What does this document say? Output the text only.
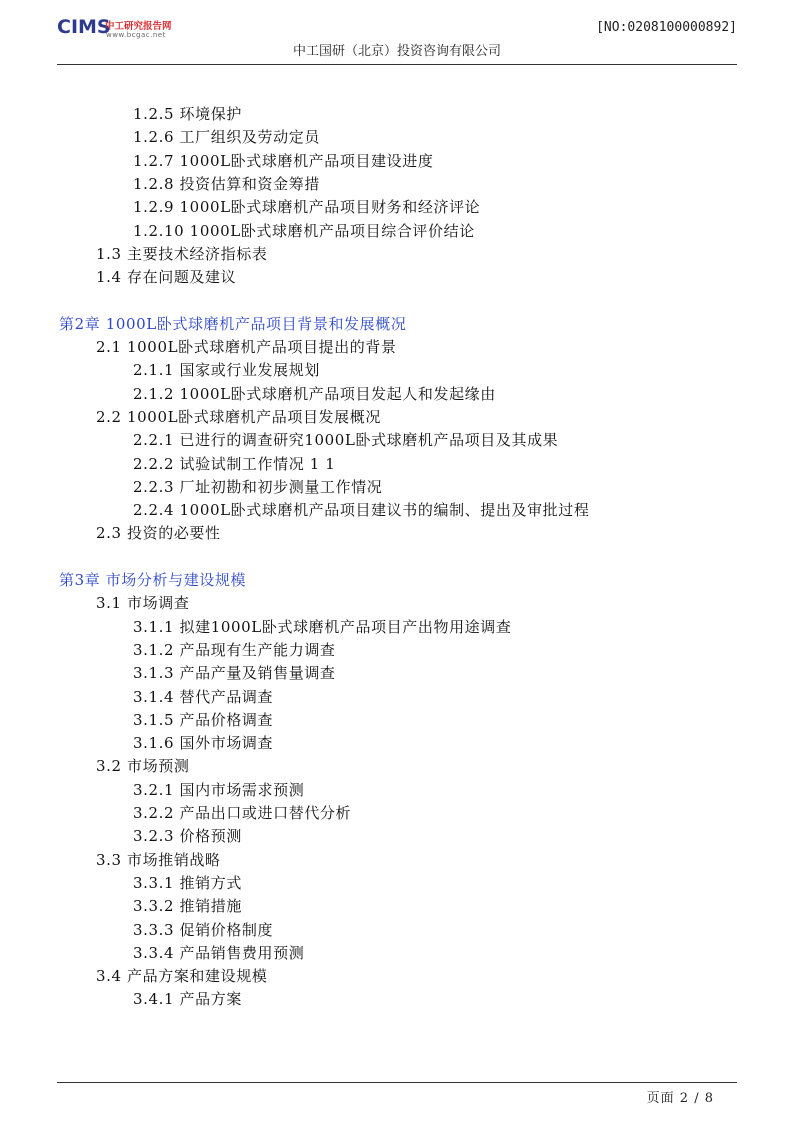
CIMS
中工研究报告网
www.bcgac.net	[NO:0208100000892]
中工国研（北京）投资咨询有限公司
1.2.5 环境保护
1.2.6 工厂组织及劳动定员
1.2.7 1000L卧式球磨机产品项目建设进度
1.2.8 投资估算和资金筹措
1.2.9 1000L卧式球磨机产品项目财务和经济评论
1.2.10 1000L卧式球磨机产品项目综合评价结论
1.3 主要技术经济指标表
1.4 存在问题及建议
第2章 1000L卧式球磨机产品项目背景和发展概况
2.1 1000L卧式球磨机产品项目提出的背景
2.1.1 国家或行业发展规划
2.1.2 1000L卧式球磨机产品项目发起人和发起缘由
2.2 1000L卧式球磨机产品项目发展概况
2.2.1 已进行的调查研究1000L卧式球磨机产品项目及其成果
2.2.2 试验试制工作情况 1 1
2.2.3 厂址初勘和初步测量工作情况
2.2.4 1000L卧式球磨机产品项目建议书的编制、提出及审批过程
2.3 投资的必要性
第3章 市场分析与建设规模
3.1 市场调查
3.1.1 拟建1000L卧式球磨机产品项目产出物用途调查
3.1.2 产品现有生产能力调查
3.1.3 产品产量及销售量调查
3.1.4 替代产品调查
3.1.5 产品价格调查
3.1.6 国外市场调查
3.2 市场预测
3.2.1 国内市场需求预测
3.2.2 产品出口或进口替代分析
3.2.3 价格预测
3.3 市场推销战略
3.3.1 推销方式
3.3.2 推销措施
3.3.3 促销价格制度
3.3.4 产品销售费用预测
3.4 产品方案和建设规模
3.4.1 产品方案
页面 2 / 8
